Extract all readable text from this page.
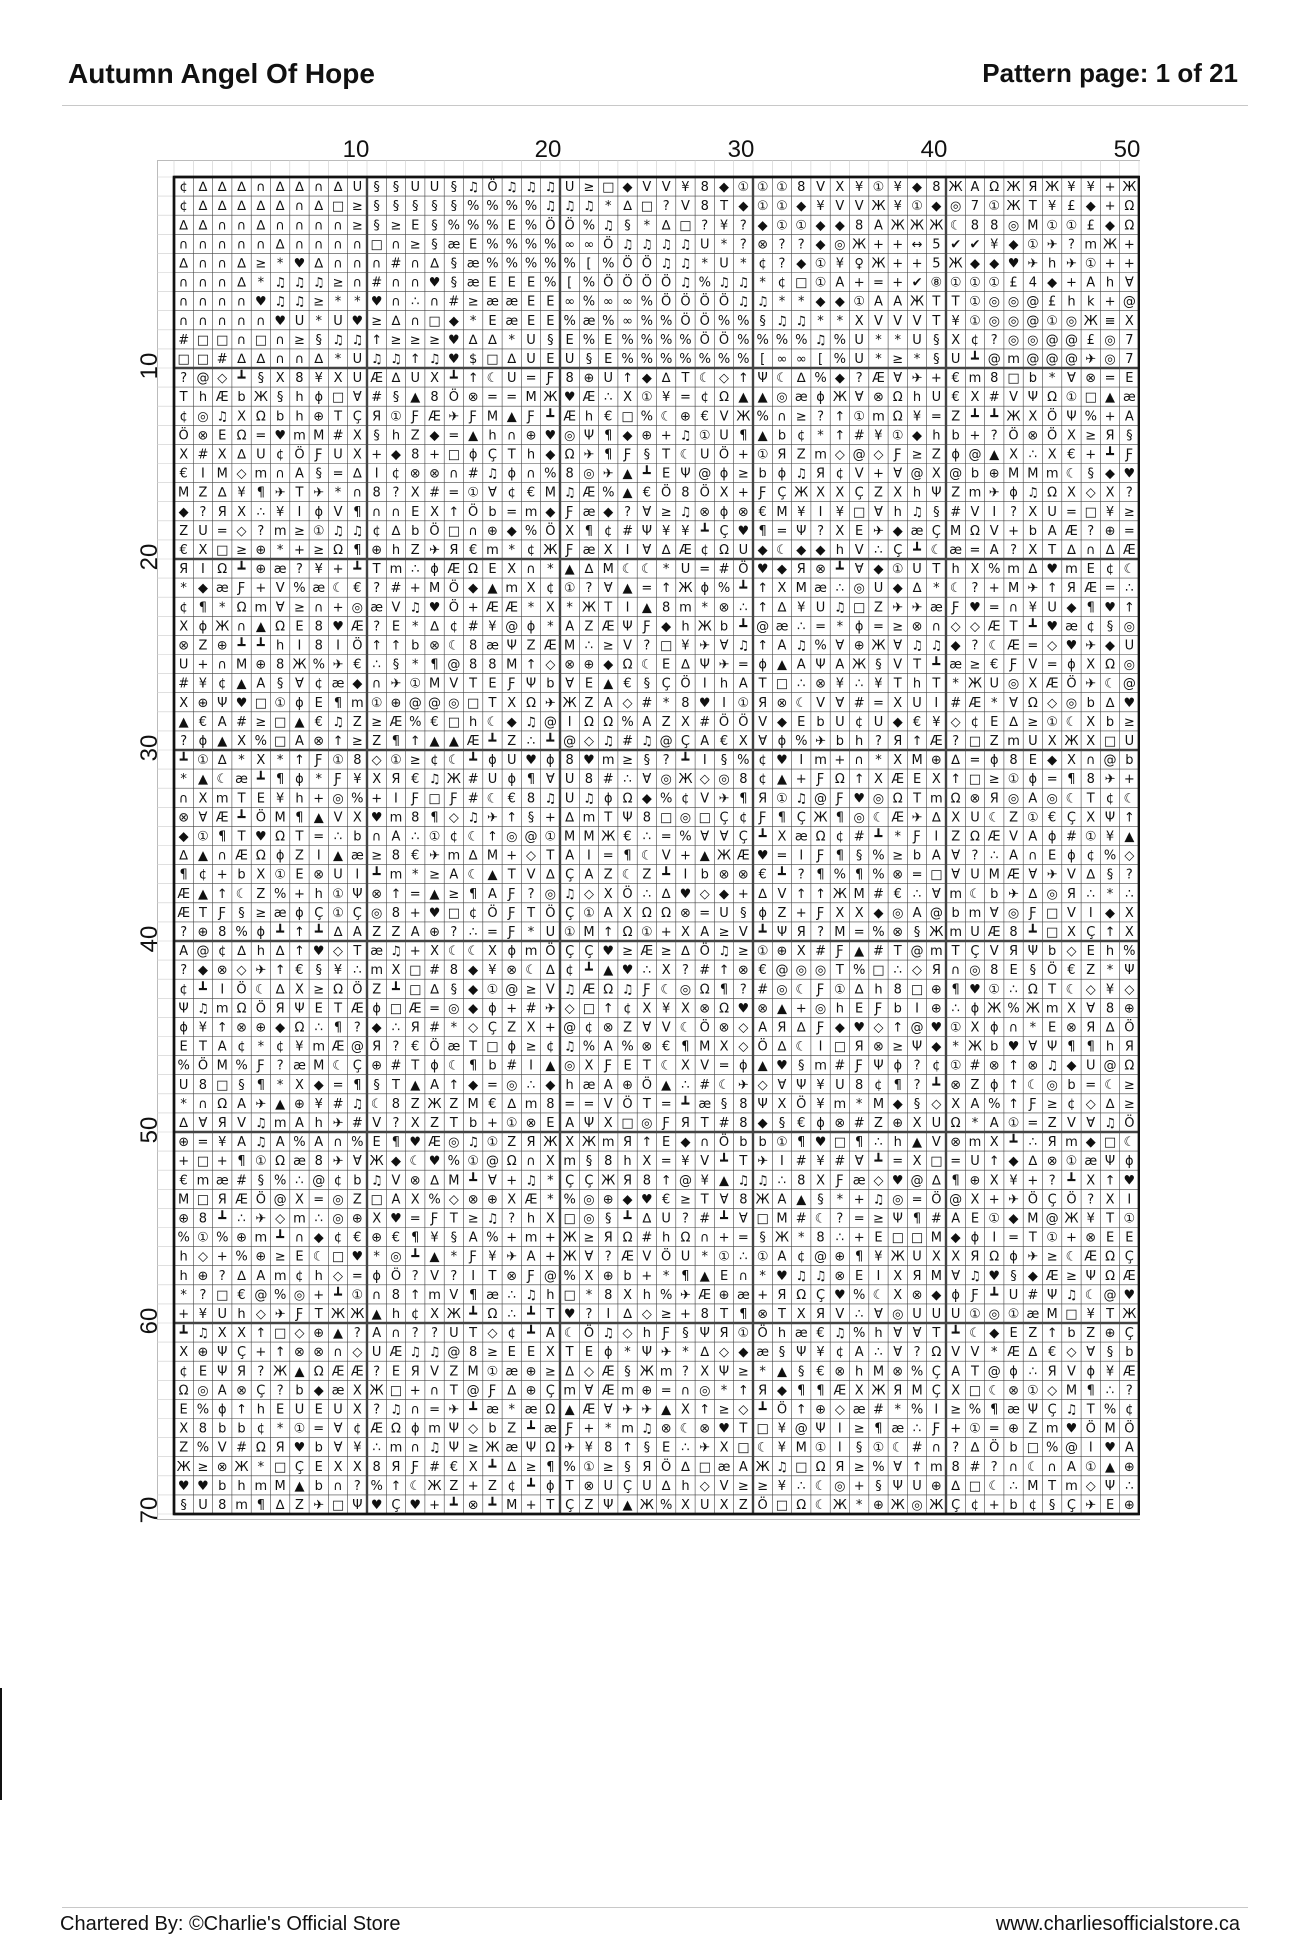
Autumn Angel Of Hope	Pattern page: 1 of 21
10	20	30	40	50
10
20
30
40
50
60
70
¢ ∆ ∆ ∆ ∩ ∆ ∆ ∩ ∆ U § § U U § ♫ Ö ♫ ♫ ♫ U ≥ □ ◆ V V ¥ 8 ◆ ① ① ① 8 V X ¥ ① ¥ ◆ 8 Ж Α Ω Ж Я Ж ¥ ¥ + Ж
¢ ∆ ∆ ∆ ∆ ∆ ∩ ∆ □ ≥ § § § § § % % % % ♫ ♫ ♫ * ∆ □ ? V 8 T ◆ ① ① ◆ ¥ V V Ж ¥ ① ◆ ◎ 7 ① Ж Т ¥ £ ◆ + Ω
∆ ∆ ∩ ∩ ∆ ∩ ∩ ∩ ∩ ≥ § ≥ E § % % % E % Ö Ö % ♫ § * ∆ □ ? ¥ ? ◆ ① ① ◆ ◆ 8 A Ж Ж Ж ☾ 8 8 ◎ M ① ① £ ◆ Ω
∩ ∩ ∩ ∩ ∩ ∆ ∩ ∩ ∩ ∩ □ ∩ ≥ § æ E % % % % ∞ ∞ Ö ♫ ♫ ♫ ♫ U * ? ⊗ ? ? ◆ ◎ Ж + + ↔ 5 ✔ ✔ ¥ ◆ ① ✈ ? m Ж +
∆ ∩ ∩ ∆ ≥ * ♥ ∆ ∩ ∩ ∩ # ∩ ∆ § æ % % % % % [ % Ö Ö ♫ ♫ * U * ¢ ? ◆ ① ¥ ♀ Ж + + 5 Ж ◆ ◆ ♥ ✈ h ✈ ① + +
∩ ∩ ∩ ∆ * ♫ ♫ ♫ ≥ ∩ # ∩ ∩ ♥ § æ E E E % [ % Ö Ö Ö Ö ♫ % ♫ ♫ * ¢ □ ① A + = + ✔ ⑧ ① ① ① £ 4 ◆ + A h Ɐ
∩ ∩ ∩ ∩ ♥ ♫ ♫ ≥ * * ♥ ∩ ∴ ∩ # ≥ æ æ E E ∞ % ∞ ∞ % Ö Ö Ö Ö ♫ ♫ * * ◆ ◆ ① A A Ж T T ① ◎ ◎ @ £ h k + @
∩ ∩ ∩ ∩ ∩ ♥ U * U ♥ ≥ ∆ ∩ □ ◆ * E æ E E % æ % ∞ % % Ö Ö % % § ♫ ♫ * * X V V V T ¥ ① ◎ ◎ @ ① ◎ Ж ≡ X
# □ □ ∩ □ ∩ ≥ § ♫ ♫ ↑ ≥ ≥ ≥ ♥ ∆ ∆ * U § E % E % % % % Ö Ö % % % % ♫ % U * * U § X ¢ ? ◎ ◎ @ @ £ ◎ 7
□ □ # ∆ ∆ ∩ ∩ ∆ * U ♫ ♫ ↑ ♫ ♥ $ □ ∆ U E U § E % % % % % % % [ ∞ ∞ [ % U * ≥ * § U ┻ @ m @ @ @ ✈ ◎ 7
? @ ◇ ┻ § X 8 ¥ X U Æ ∆ U X ┻ ↑ ☾ U = Ƒ 8 ⊕ U ↑ ◆ ∆ T ☾ ◇ ↑ Ψ ☾ ∆ % ◆ ? Æ Ɐ ✈ + € m 8 □ b * Ɐ ⊗ = E
T h Æ b Ж § h ϕ □ Ɐ # § ▲ 8 Ö ⊗ = = M Ж ♥ Æ ∴ X ① ¥ = ¢ Ω ▲ ▲ ◎ æ ϕ Ж Ɐ ⊗ Ω h U € X # V Ψ Ω ① □ ▲ æ
¢ ◎ ♫ X Ω b h ⊕ T Ç Я ① Ƒ Æ ✈ Ƒ M ▲ Ƒ ┻ Æ h € □ % ☾ ⊕ € V Ж % ∩ ≥ ? ↑ ① m Ω ¥ = Z ┻ ┻ Ж X Ö Ψ % + A
Ö ⊗ E Ω = ♥ m M # X § h Z ◆ = ▲ h ∩ ⊕ ♥ ◎ Ψ ¶ ◆ ⊕ + ♫ ① U ¶ ▲ b ¢ * ↑ # ¥ ① ◆ h b + ? Ö ⊗ Ö X ≥ Я §
X # X ∆ U ¢ Ö Ƒ U X + ◆ 8 + □ ϕ Ç T h ◆ Ω ✈ ¶ Ƒ § T ☾ U Ö + ① Я Z m ◇ @ ◇ Ƒ ≥ Z ϕ @ ▲ X ∴ X € + ┻ Ƒ
€ I M ◇ m ∩ A § = ∆ I ¢ ⊗ ⊗ ∩ # ♫ ϕ ∩ % 8 ◎ ✈ ▲ ┻ E Ψ @ ϕ ≥ b ϕ ♫ Я ¢ V + Ɐ @ X @ b ⊕ M M m ☾ § ◆ ♥
M Z ∆ ¥ ¶ ✈ T ✈ * ∩ 8 ? X # = ① Ɐ ¢ € M ♫ Æ % ▲ € Ö 8 Ö X + Ƒ Ç Ж X X Ç Z X h Ψ Z m ✈ ϕ ♫ Ω X ◇ X ?
◆ ? Я X ∴ ¥ I ϕ V ¶ ∩ ∩ E X ↑ Ö b = m ◆ Ƒ æ ◆ ? Ɐ ≥ ♫ ⊗ ϕ ⊗ € M ¥ I ¥ □ Ɐ h ♫ § # V I ? X U = □ ¥ ≥
Z U = ◇ ? m ≥ ① ♫ ♫ ¢ ∆ b Ö □ ∩ ⊕ ◆ % Ö X ¶ ¢ # Ψ ¥ ¥ ┻ Ç ♥ ¶ = Ψ ? X E ✈ ◆ æ Ç M Ω V + b A Æ ? ⊕ =
€ X □ ≥ ⊕ * + ≥ Ω ¶ ⊕ h Z ✈ Я € m * ¢ Ж Ƒ æ X I Ɐ ∆ Æ ¢ Ω U ◆ ☾ ◆ ◆ h V ∴ Ç ┻ ☾ æ = A ? X T ∆ ∩ ∆ Æ
Я I Ω ┻ ⊕ æ ? ¥ + ┻ T m ∴ ϕ Æ Ω E X ∩ * ▲ ∆ M ☾ ☾ * U = # Ö ♥ ◆ Я ⊗ ┻ Ɐ ◆ ① U T h X % m ∆ ♥ m E ¢ ☾
* ◆ æ Ƒ + V % æ ☾ € ? # + M Ö ◆ ▲ m X ¢ ① ? Ɐ ▲ = ↑ Ж ϕ % ┻ ↑ X M æ ∴ ◎ U ◆ ∆ * ☾ ? + M ✈ ↑ Я Æ = ∴
¢ ¶ * Ω m Ɐ ≥ ∩ + ◎ æ V ♫ ♥ Ö + Æ Æ * X * Ж T I ▲ 8 m * ⊗ ∴ ↑ ∆ ¥ U ♫ □ Z ✈ ✈ æ Ƒ ♥ = ∩ ¥ U ◆ ¶ ♥ ↑
X ϕ Ж ∩ ▲ Ω E 8 ♥ Æ ? E * ∆ ¢ # ¥ @ ϕ * A Z Æ Ψ Ƒ ◆ h Ж b ┻ @ æ ∴ = * ϕ = ≥ ⊗ ∩ ◇ ◇ Æ T ┻ ♥ æ ¢ § ◎
⊗ Z ⊕ ┻ ┻ h I 8 I Ö ↑ ↑ b ⊗ ☾ 8 æ Ψ Z Æ M ∴ ≥ V ? □ ¥ ✈ Ɐ ♫ ↑ A ♫ % Ɐ ⊕ Ж Ɐ ♫ ♫ ◆ ? ☾ Æ = ◇ ♥ ✈ ◆ U
U + ∩ M ⊕ 8 Ж % ✈ € ∴ § * ¶ @ 8 8 M ↑ ◇ ⊗ ⊕ ◆ Ω ☾ E ∆ Ψ ✈ = ϕ ▲ A Ψ A Ж § V T ┻ æ ≥ € Ƒ V = ϕ X Ω ◎
# ¥ ¢ ▲ A § Ɐ ¢ æ ◆ ∩ ✈ ① M V T E Ƒ Ψ b Ɐ E ▲ € § Ç Ö I h A T □ ∴ ⊗ ¥ ∴ ¥ T h T * Ж U ◎ X Æ Ö ✈ ☾ @
X ⊕ Ψ ♥ □ ① ϕ E ¶ m ① ⊕ @ @ ◎ □ T X Ω ✈ Ж Z A ◇ # * 8 ♥ I ① Я ⊗ ☾ V Ɐ # = X U I # Æ * Ɐ Ω ◇ ◎ b ∆ ♥
▲ € A # ≥ □ ▲ € ♫ Z ≥ Æ % € □ h ☾ ◆ ♫ @ I Ω Ω % A Z X # Ö Ö V ◆ E b U ¢ U ◆ € ¥ ◇ ¢ E ∆ ≥ ① ☾ X b ≥
? ϕ ▲ X % □ A ⊗ ↑ ≥ Z ¶ ↑ ▲ ▲ Æ ┻ Z ∴ ┻ @ ◇ ♫ # ♫ @ Ç A € X Ɐ ϕ % ✈ b h ? Я ↑ Æ ? □ Z m U X Ж X □ U
┻ ① ∆ * X * ↑ Ƒ ① 8 ◇ ① ≥ ¢ ☾ ┻ ϕ U ♥ ϕ 8 ♥ m ≥ § ? ┻ I § % ¢ ♥ I m + ∩ * X M ⊕ ∆ = ϕ 8 E ◆ X ∩ @ b
* ▲ ☾ æ ┻ ¶ ϕ * Ƒ ¥ X Я € ♫ Ж # U ϕ ¶ Ɐ U 8 # ∴ Ɐ ◎ Ж ◇ ◎ 8 ¢ ▲ + Ƒ Ω ↑ X Æ E X ↑ □ ≥ ① ϕ = ¶ 8 ✈ +
∩ X m T E ¥ h + ◎ % + I Ƒ □ Ƒ # ☾ € 8 ♫ U ♫ ϕ Ω ◆ % ¢ V ✈ ¶ Я ① ♫ @ Ƒ ♥ ◎ Ω T m Ω ⊗ Я ◎ A ◎ ☾ T ¢ ☾
⊗ Ɐ Æ ┻ Ö M ¶ ▲ V X ♥ m 8 ¶ ◇ ♫ ✈ ↑ § + ∆ m T Ψ 8 □ ◎ □ Ç ¢ Ƒ ¶ Ç Ж ¶ ◎ ☾ Æ ✈ ∆ X U ☾ Z ① € Ç X Ψ ↑
◆ ① ¶ T ♥ Ω T = ∴ b ∩ A ∴ ① ¢ ☾ ↑ ◎ @ ① M M Ж € ∴ = % Ɐ Ɐ Ç ┻ X æ Ω ¢ # ┻ * Ƒ I Z Ω Æ V A ϕ # ① ¥ ▲
∆ ▲ ∩ Æ Ω ϕ Z I ▲ æ ≥ 8 € ✈ m ∆ M + ◇ T A I = ¶ ☾ V + ▲ Ж Æ ♥ = I Ƒ ¶ § % ≥ b A Ɐ ? ∴ A ∩ E ϕ ¢ % ◇
¶ ¢ + b X ① E ⊗ U I ┻ m * ≥ A ☾ ▲ T V ∆ Ç A Z ☾ Z ┻ I b ⊗ ⊗ € ┻ ? ¶ % ¶ % ⊗ = □ Ɐ U M Æ Ɐ ✈ V ∆ § ?
Æ ▲ ↑ ☾ Z % + h ① Ψ ⊗ ↑ = ▲ ≥ ¶ A Ƒ ? ◎ ♫ ◇ X Ö ∴ ∆ ♥ ◇ ◆ + ∆ V ↑ ↑ Ж M # € ∴ Ɐ m ☾ b ✈ ∆ ◎ Я ∴ * ∴
Æ T Ƒ § ≥ æ ϕ Ç ① Ç ◎ 8 + ♥ □ ¢ Ö Ƒ T Ö Ç ① A X Ω Ω ⊗ = U § ϕ Z + Ƒ X X ◆ ◎ A @ b m Ɐ ◎ Ƒ □ V I ◆ X
? ⊕ 8 % ϕ ┻ ↑ ┻ ∆ A Z Z A ⊕ ? ∴ = Ƒ * U ① M ↑ Ω ① + X A ≥ V ┻ Ψ Я ? M = % ⊗ § Ж m U Æ 8 ┻ □ X Ç ↑ X
A @ ¢ ∆ h ∆ ↑ ♥ ◇ T æ ♫ + X ☾ ☾ X ϕ m Ö Ç Ç ♥ ≥ Æ ≥ ∆ Ö ♫ ≥ ① ⊕ X # Ƒ ▲ # T @ m T Ç V Я Ψ b ◇ E h %
? ◆ ⊗ ◇ ✈ ↑ € § ¥ ∴ m X □ # 8 ◆ ¥ ⊗ ☾ ∆ ¢ ┻ ▲ ♥ ∴ X ? # ↑ ⊗ € @ ◎ ◎ T % □ ∴ ◇ Я ∩ ◎ 8 E § Ö € Z * Ψ
¢ ┻ I Ö ☾ ∆ X ≥ Ω Ö Z ┻ □ ∆ § ◆ ① @ ≥ V ♫ Æ Ω ♫ Ƒ ☾ ◎ Ω ¶ ? # ◎ ☾ Ƒ ① ∆ h 8 □ ⊕ ¶ ♥ ① ∴ Ω T ☾ ◇ ¥ ◇
Ψ ♫ m Ω Ö Я Ψ E T Æ ϕ □ Æ = ◎ ◆ ϕ + # ✈ ◇ □ ↑ ¢ X ¥ X ⊗ Ω ♥ ⊗ ▲ + ◎ h E Ƒ b I ⊕ ∴ ϕ Ж % Ж m X Ɐ 8 ⊕
ϕ ¥ ↑ ⊗ ⊕ ◆ Ω ∴ ¶ ? ◆ ∴ Я # * ◇ Ç Z X + @ ¢ ⊗ Z Ɐ V ☾ Ö ⊗ ◇ A Я ∆ Ƒ ◆ ♥ ◇ ↑ @ ♥ ① X ϕ ∩ * E ⊗ Я ∆ Ö
E T A ¢ * ¢ ¥ m Æ @ Я ? € Ö æ T □ ϕ ≥ ¢ ♫ % A % ⊗ € ¶ M X ◇ Ö ∆ ☾ I □ Я ⊗ ≥ Ψ ◆ * Ж b ♥ Ɐ Ψ ¶ ¶ h Я
% Ö M % Ƒ ? æ M ☾ Ç ⊕ # T ϕ ☾ ¶ b # I ▲ ◎ X Ƒ E T ☾ X V = ϕ ▲ ♥ § m # Ƒ Ψ ϕ ? ¢ ① # ⊗ ↑ ⊗ ♫ ◆ U @ Ω
U 8 □ § ¶ * X ◆ = ¶ § T ▲ A ↑ ◆ = ◎ ∴ ◆ h æ A ⊕ Ö ▲ ∴ # ☾ ✈ ◇ Ɐ Ψ ¥ U 8 ¢ ¶ ? ┻ ⊗ Z ϕ ↑ ☾ ◎ b = ☾ ≥
* ∩ Ω A ✈ ▲ ⊕ ¥ # ♫ ☾ 8 Z Ж Z M € ∆ m 8 = = V Ö T = ┻ æ § 8 Ψ X Ö ¥ m * M ◆ § ◇ X A % ↑ Ƒ ≥ ¢ ◇ ∆ ≥
∆ Ɐ Я V ♫ m A h ✈ # V ? X Z T b + ① ⊗ E A Ψ X □ ◎ Ƒ Я T # 8 ◆ § € ϕ ⊗ # Z ⊕ X U Ω * A ① = Z V Ɐ ♫ Ö
⊕ = ¥ A ♫ A % A ∩ % E ¶ ♥ Æ ◎ ♫ ① Z Я Ж X Ж m Я ↑ E ◆ ∩ Ö b b ① ¶ ♥ □ ¶ ∴ h ▲ V ⊗ m X ┻ ∴ Я m ◆ □ ☾
+ □ + ¶ ① Ω æ 8 ✈ Ɐ Ж ◆ ☾ ♥ % ① @ Ω ∩ X m § 8 h X = ¥ V ┻ T ✈ I # ¥ # Ɐ ┻ = X □ = U ↑ ◆ ∆ ⊗ ① æ Ψ ϕ
€ m æ # § % ∴ @ ¢ b ♫ V ⊗ ∆ M ┻ Ɐ + ♫ * Ç Ç Ж Я 8 ↑ @ ¥ ▲ ♫ ♫ ∴ 8 X Ƒ æ ◇ ♥ @ ∆ ¶ ⊕ X ¥ + ? ┻ X ↑ ♥
M □ Я Æ Ö @ X = ◎ Z □ A X % ◇ ⊗ ⊕ X Æ * % ◎ ⊕ ◆ ♥ € ≥ T Ɐ 8 Ж A ▲ § * + ♫ ◎ = Ö @ X + ✈ Ö Ç Ö ? X I
⊕ 8 ┻ ∴ ✈ ◇ m ∴ ◎ ⊕ X ♥ = Ƒ T ≥ ♫ ? h X □ ◎ § ┻ ∆ U ? # ┻ Ɐ □ M # ☾ ? = ≥ Ψ ¶ # A E ① ◆ M @ Ж ¥ T ①
% ① % ⊕ m ┻ ∩ ◆ ¢ € ⊕ € ¶ ¥ § A % + m + Ж ≥ Я Ω # h Ω ∩ + = § Ж * 8 ∴ + E □ □ M ◆ ϕ I = T ① + ⊗ E E
h ◇ + % ⊕ ≥ E ☾ □ ♥ * ◎ ┻ ▲ * Ƒ ¥ ✈ A + Ж Ɐ ? Æ V Ö U * ① ∴ ① A ¢ @ ⊕ ¶ ¥ Ж U X X Я Ω ϕ ✈ ≥ ☾ Æ Ω Ç
h ⊕ ? ∆ A m ¢ h ◇ = ϕ Ö ? V ? I T ⊗ Ƒ @ % X ⊕ b + * ¶ ▲ E ∩ * ♥ ♫ ♫ ⊗ E I X Я M Ɐ ♫ ♥ § ◆ Æ ≥ Ψ Ω Æ
* ? □ € @ % ◎ + ┻ ① ∩ 8 ↑ m V ¶ æ ∴ ♫ h □ * 8 X h % ✈ Æ ⊕ æ + Я Ω Ç ♥ % ☾ X ⊗ ◆ ϕ Ƒ ┻ U # Ψ ♫ ☾ @ ♥
+ ¥ U h ◇ ✈ Ƒ T Ж Ж ▲ h ¢ X Ж ┻ Ω ∴ ┻ T ♥ ? I ∆ ◇ ≥ + 8 T ¶ ⊗ T X Я V ∴ Ɐ ◎ U U U ① ◎ ① æ M □ ¥ T Ж
┻ ♫ X X ↑ □ ◇ ⊕ ▲ ? A ∩ ? ? U T ◇ ¢ ┻ A ☾ Ö ♫ ◇ h Ƒ § Ψ Я ① Ö h æ € ♫ % h Ɐ Ɐ T ┻ ☾ ◆ E Z ↑ b Z ⊕ Ç
X ⊕ Ψ Ç + ↑ ⊗ ⊗ ∩ ◇ U Æ ♫ ♫ @ 8 ≥ E E X T E ϕ * Ψ ✈ * ∆ ◇ ◆ æ § Ψ ¥ ¢ A ∴ Ɐ ? Ω V V * Æ ∆ € ◇ Ɐ § b
¢ E Ψ Я ? Ж ▲ Ω Æ Æ ? E Я V Z M ① æ ⊕ ≥ ∆ ◇ Æ § Ж m ? X Ψ ≥ * ▲ § € ⊗ h M ⊗ % Ç A T @ ϕ ∴ Я V ϕ ¥ Æ
Ω ◎ A ⊗ Ç ? b ◆ æ X Ж □ + ∩ T @ Ƒ ∆ ⊕ Ç m Ɐ Æ m ⊕ = ∩ ◎ * ↑ Я ◆ ¶ ¶ Æ X Ж Я M Ç X □ ☾ ⊗ ① ◇ M ¶ ∴ ?
E % ϕ ↑ h E U E U X ? ♫ ∩ = ✈ ┻ æ * æ Ω ▲ Æ Ɐ ✈ ✈ ▲ X ↑ ≥ ◇ ┻ Ö ↑ ⊕ ◇ æ # * % I ≥ % ¶ æ Ψ Ç ♫ T % ¢
X 8 b b ¢ * ① = Ɐ ¢ Æ Ω ϕ m Ψ ◇ b Z ┻ æ Ƒ + * m ♫ ⊗ ☾ ⊗ ♥ T □ ¥ @ Ψ I ≥ ¶ æ ∴ Ƒ + ① = ⊕ Z m ♥ Ö M Ö
Z % V # Ω Я ♥ b Ɐ ¥ ∴ m ∩ ♫ Ψ ≥ Ж æ Ψ Ω ✈ ¥ 8 ↑ § E ∴ ✈ X □ ☾ ¥ M ① I § ① ☾ # ∩ ? ∆ Ö b □ % @ I ♥ A
Ж ≥ ⊗ Ж * □ Ç E X X 8 Я Ƒ # € X ┻ ∆ ≥ ¶ % ① ≥ § Я Ö ∆ □ æ A Ж ♫ □ Ω Я ≥ % Ɐ ↑ m 8 # ? ∩ ☾ ∩ A ① ▲ ⊕
♥ ♥ b h m M ▲ b ∩ ? % ↑ ☾ Ж Z + Z ¢ ┻ ϕ T ⊗ U Ç U ∆ h ◇ V ≥ ≥ ¥ ∴ ☾ ◎ + § Ψ U ⊕ ∆ □ ☾ ∴ M T m ◇ Ψ ∴
§ U 8 m ¶ ∆ Z ✈ □ Ψ ♥ Ç ♥ + ┻ ⊗ ┻ M + T Ç Z Ψ ▲ Ж % X U X Z Ö □ Ω ☾ Ж * ⊕ Ж ◎ Ж Ç ¢ + b ¢ § Ç ✈ E ⊕
Chartered By: ©Charlie's Official Store	www.charliesofficialstore.ca
